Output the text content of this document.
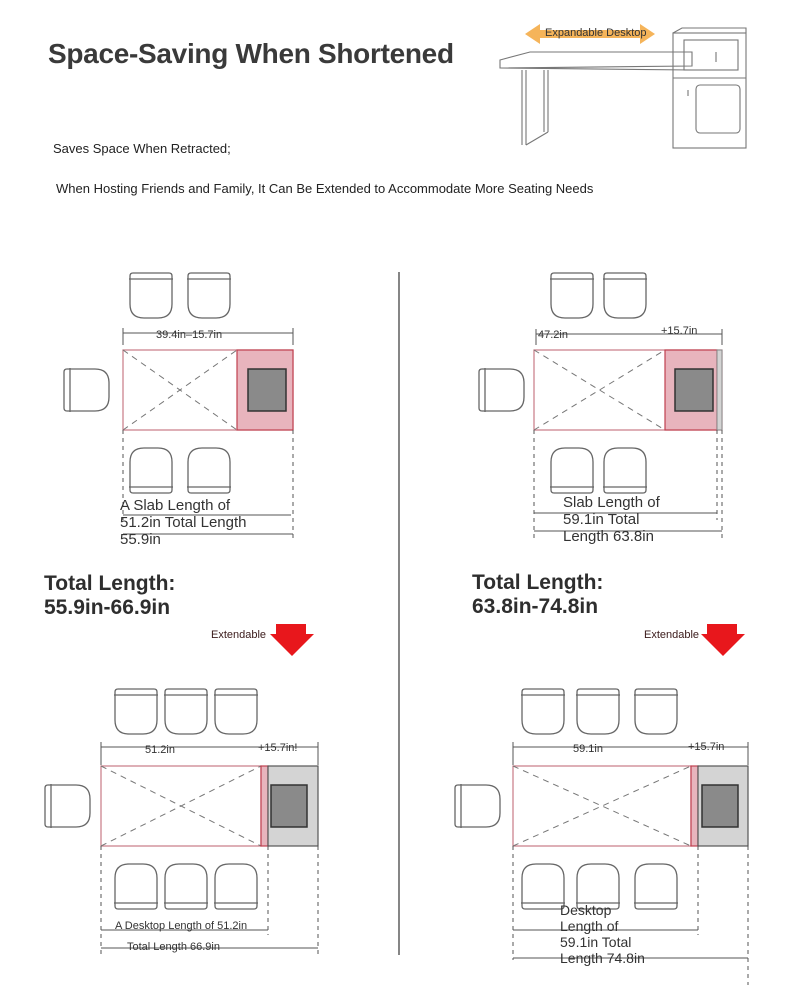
Space-Saving When Shortened
Saves Space When Retracted;
When Hosting Friends and Family, It Can Be Extended to Accommodate More Seating Needs
Expandable Desktop
39.4in–15.7in
A Slab Length of
51.2in Total Length
55.9in
Total Length:
55.9in-66.9in
Extendable
47.2in	+15.7in
Slab Length of
59.1in Total
Length 63.8in
Total Length:
63.8in-74.8in
Extendable
51.2in	+15.7in!
A Desktop Length of 51.2in
Total Length 66.9in
59.1in	+15.7in
Desktop
Length of
59.1in Total
Length 74.8in
